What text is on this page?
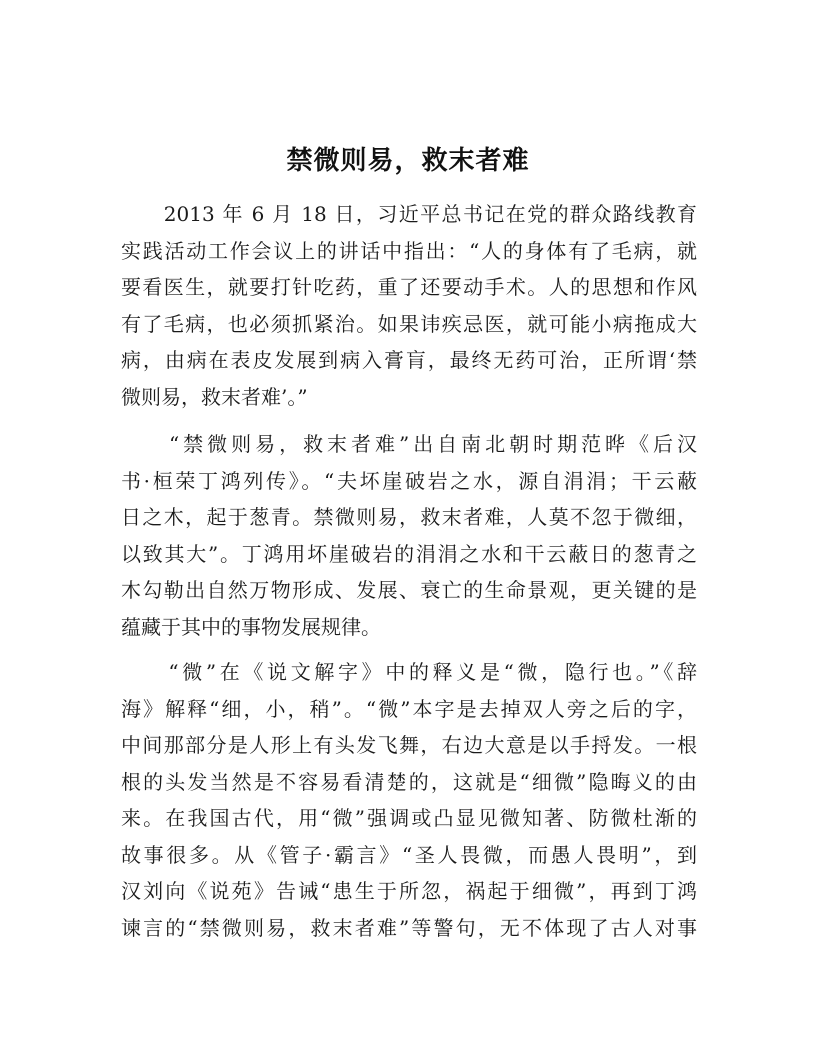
禁微则易，救末者难

　　2013 年 6 月 18 日，习近平总书记在党的群众路线教育
实践活动工作会议上的讲话中指出：“人的身体有了毛病，就
要看医生，就要打针吃药，重了还要动手术。人的思想和作风
有了毛病，也必须抓紧治。如果讳疾忌医，就可能小病拖成大
病，由病在表皮发展到病入膏肓，最终无药可治，正所谓‘禁
微则易，救末者难’。”

　　“禁微则易，救末者难”出自南北朝时期范晔《后汉
书·桓荣丁鸿列传》。“夫坏崖破岩之水，源自涓涓；干云蔽
日之木，起于葱青。禁微则易，救末者难，人莫不忽于微细，
以致其大”。丁鸿用坏崖破岩的涓涓之水和干云蔽日的葱青之
木勾勒出自然万物形成、发展、衰亡的生命景观，更关键的是
蕴藏于其中的事物发展规律。

　　“微”在《说文解字》中的释义是“微，隐行也。”《辞
海》解释“细，小，稍”。“微”本字是去掉双人旁之后的字，
中间那部分是人形上有头发飞舞，右边大意是以手捋发。一根
根的头发当然是不容易看清楚的，这就是“细微”隐晦义的由
来。在我国古代，用“微”强调或凸显见微知著、防微杜渐的
故事很多。从《管子·霸言》“圣人畏微，而愚人畏明”，到
汉刘向《说苑》告诫“患生于所忽，祸起于细微”，再到丁鸿
谏言的“禁微则易，救末者难”等警句，无不体现了古人对事
